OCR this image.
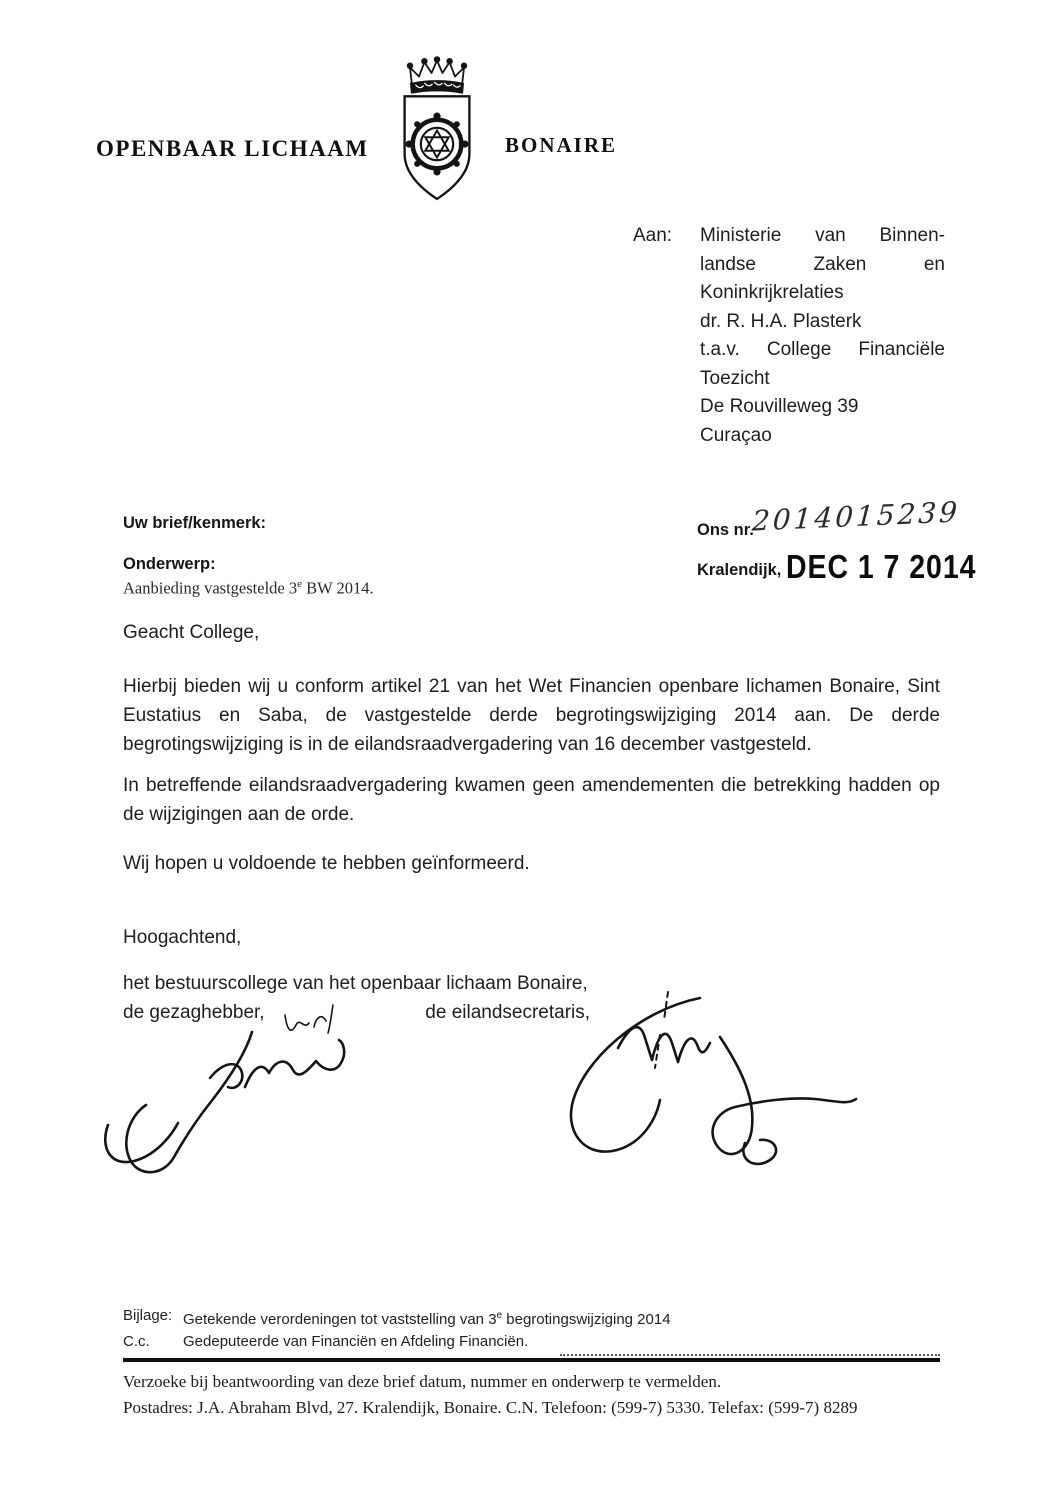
OPENBAAR LICHAAM	BONAIRE
Aan: Ministerie van Binnen-
landse Zaken en
Koninkrijkrelaties
dr. R. H.A. Plasterk
t.a.v. College Financiële
Toezicht
De Rouvilleweg 39
Curaçao
Uw brief/kenmerk:
Onderwerp:
Aanbieding vastgestelde 3e BW 2014.
Ons nr.
2014015239
Kralendijk, DEC 1 7 2014

Geacht College,

Hierbij bieden wij u conform artikel 21 van het Wet Financien openbare lichamen Bonaire, Sint Eustatius en Saba, de vastgestelde derde begrotingswijziging 2014 aan. De derde begrotingswijziging is in de eilandsraadvergadering van 16 december vastgesteld.

In betreffende eilandsraadvergadering kwamen geen amendementen die betrekking hadden op de wijzigingen aan de orde.

Wij hopen u voldoende te hebben geïnformeerd.

Hoogachtend,

het bestuurscollege van het openbaar lichaam Bonaire,

de gezaghebber,	de eilandsecretaris,

Bijlage: Getekende verordeningen tot vaststelling van 3e begrotingswijziging 2014
C.c.	Gedeputeerde van Financiën en Afdeling Financiën.
Verzoeke bij beantwoording van deze brief datum, nummer en onderwerp te vermelden.
Postadres: J.A. Abraham Blvd, 27. Kralendijk, Bonaire. C.N. Telefoon: (599-7) 5330. Telefax: (599-7) 8289
